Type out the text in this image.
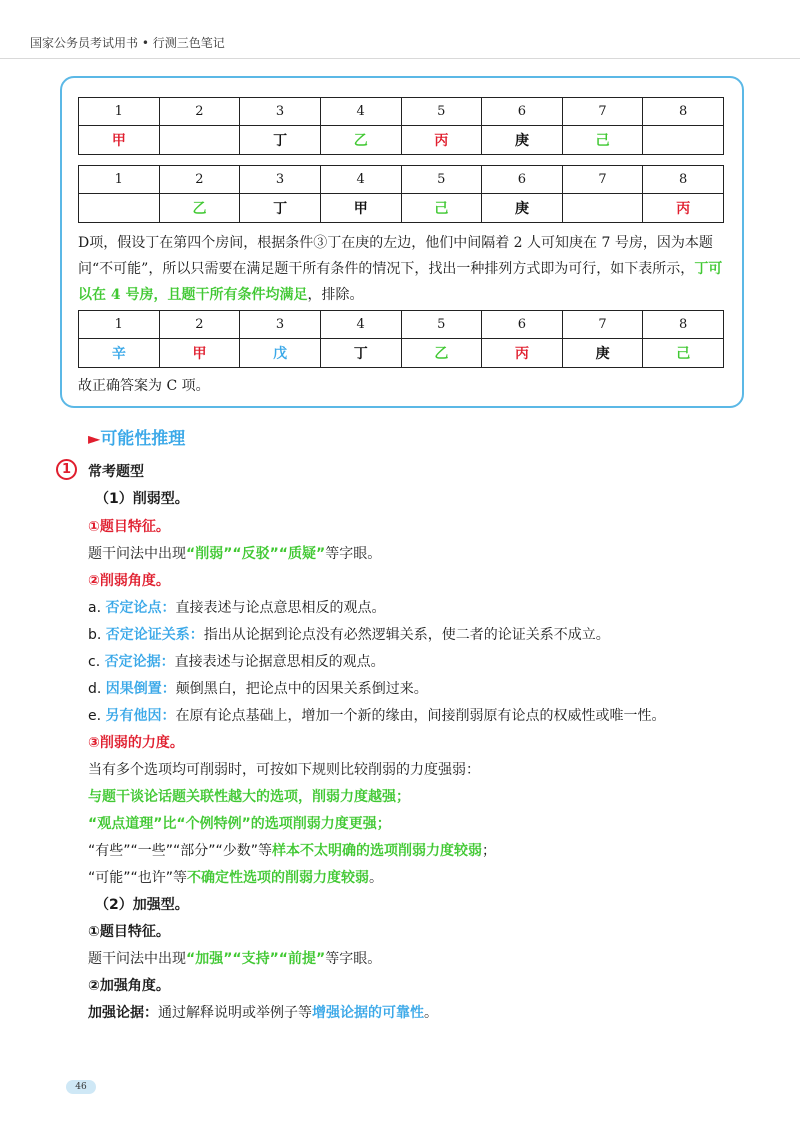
国家公务员考试用书 • 行测三色笔记
1	2	3	4	5	6	7	8
甲		丁	乙	丙	庚	己	
1	2	3	4	5	6	7	8
	乙	丁	甲	己	庚		丙
D项，假设丁在第四个房间，根据条件③丁在庚的左边，他们中间隔着 2 人可知庚在 7 号房，因为本题问“不可能”，所以只需要在满足题干所有条件的情况下，找出一种排列方式即为可行，如下表所示，丁可以在 4 号房，且题干所有条件均满足，排除。
1	2	3	4	5	6	7	8
辛	甲	戊	丁	乙	丙	庚	己
故正确答案为 C 项。
►可能性推理
1	常考题型
（1）削弱型。
①题目特征。
题干问法中出现“削弱”“反驳”“质疑”等字眼。
②削弱角度。
a. 否定论点：直接表述与论点意思相反的观点。
b. 否定论证关系：指出从论据到论点没有必然逻辑关系，使二者的论证关系不成立。
c. 否定论据：直接表述与论据意思相反的观点。
d. 因果倒置：颠倒黑白，把论点中的因果关系倒过来。
e. 另有他因：在原有论点基础上，增加一个新的缘由，间接削弱原有论点的权威性或唯一性。
③削弱的力度。
当有多个选项均可削弱时，可按如下规则比较削弱的力度强弱：
与题干谈论话题关联性越大的选项，削弱力度越强；
“观点道理”比“个例特例”的选项削弱力度更强；
“有些”“一些”“部分”“少数”等样本不太明确的选项削弱力度较弱；
“可能”“也许”等不确定性选项的削弱力度较弱。
（2）加强型。
①题目特征。
题干问法中出现“加强”“支持”“前提”等字眼。
②加强角度。
加强论据：通过解释说明或举例子等增强论据的可靠性。
46
